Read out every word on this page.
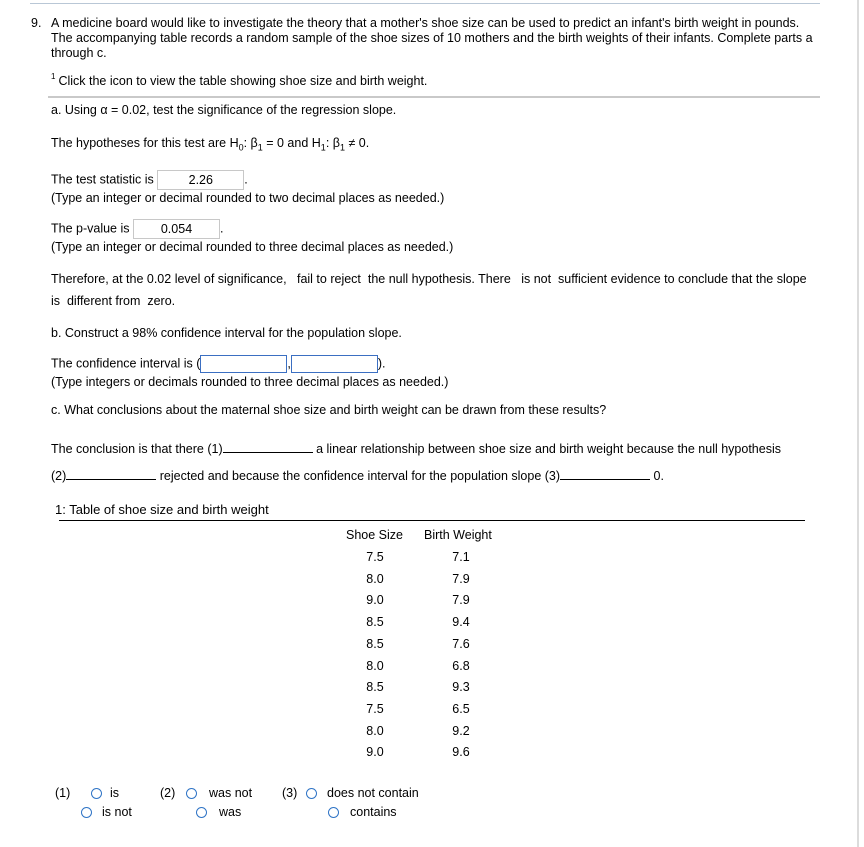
9. A medicine board would like to investigate the theory that a mother's shoe size can be used to predict an infant's birth weight in pounds. The accompanying table records a random sample of the shoe sizes of 10 mothers and the birth weights of their infants. Complete parts a through c.
$^1$ Click the icon to view the table showing shoe size and birth weight.
a. Using α = 0.02, test the significance of the regression slope.
The hypotheses for this test are $H_0$: $\beta_1 = 0$ and $H_1$: $\beta_1 \ne 0$.
The test statistic is	2.26	.
(Type an integer or decimal rounded to two decimal places as needed.)
The p-value is	0.054 .
(Type an integer or decimal rounded to three decimal places as needed.)
Therefore, at the 0.02 level of significance, fail to reject the null hypothesis. There is not sufficient evidence to conclude that the slope
is different from zero.
b. Construct a 98% confidence interval for the population slope.
The confidence interval is (	,	).
(Type integers or decimals rounded to three decimal places as needed.)
c. What conclusions about the maternal shoe size and birth weight can be drawn from these results?
The conclusion is that there (1)	a linear relationship between shoe size and birth weight because the null hypothesis
(2)	rejected and because the confidence interval for the population slope (3)	0.
1: Table of shoe size and birth weight
Shoe Size Birth Weight
7.5	7.1
8.0	7.9
9.0	7.9
8.5	9.4
8.5	7.6
8.0	6.8
8.5	9.3
7.5	6.5
8.0	9.2
9.0	9.6
(1)	is
is not
(2)	was not
was
(3) does not contain
contains
